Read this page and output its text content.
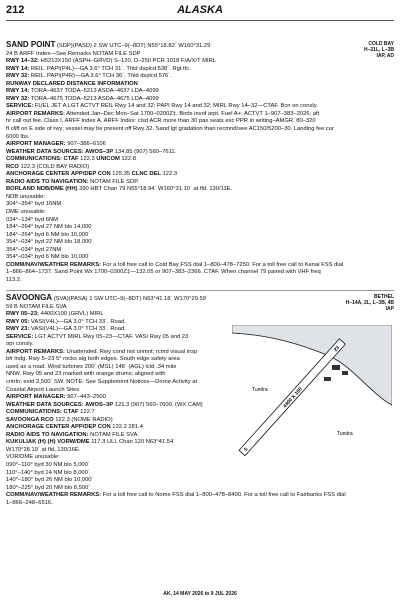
212	ALASKA
COLD BAY
H–21L, L–3B
IAP, AD
SAND POINT (SDP)(PASD) 2 SW UTC–9(–8DT) N55°18.82´ W160°31.29´
24 B ARFF Index—See Remarks NOTAM FILE SDP
RWY 14–32: H5213X150 (ASPH–GRVD) S–120, D–250 PCR 1018 F/A/X/T MIRL
RWY 14: REIL. PAPI(P4L)—GA 3.6° TCH 31´. Thld dsplcd 538´. Rgt tfc.
RWY 32: REIL. PAPI(P4R)—GA 3.6° TCH 36´. Thld dsplcd 576´.
RUNWAY DECLARED DISTANCE INFORMATION
RWY 14: TORA–4637 TODA–5213 ASDA–4637 LDA–4099
RWY 32: TORA–4675 TODA–5213 ASDA–4675 LDA–4099
SERVICE: FUEL JET A LGT ACTVT REIL Rwy 14 and 32; PAPI Rwy 14 and 32; MIRL Rwy 14–32—CTAF. Bcn on consly.
AIRPORT REMARKS: Attended Jan–Dec Mon–Sat 1700–0200Z‡. Birds invof arpt. Fuel A+: ACTVT 1–907–383–2026; aft
hr call out fee. Class I, ARFF Index A. ARFF Index: clsd ACR more than 30 pax seats exc PPR in writing–AMGR. 80–320
ft cliff on E side of rwy; vessel may be present off Rwy 32. Sand lgt gradation than recmnd/see AC150/5200–30. Landing fee cur
6000 lbs.
AIRPORT MANAGER: 907–386–6106
WEATHER DATA SOURCES: AWOS–3P 134.85 (907) 560–7611.
COMMUNICATIONS: CTAF 122.3 UNICOM 122.8
RCO 122.3 (COLD BAY RADIO)
ANCHORAGE CENTER APP/DEP CON 125.35 CLNC DEL 122.3
RADIO AIDS TO NAVIGATION: NOTAM FILE SDP.
BORLAND NDB/DME (HH) 390 HBT Chan 79 N55°18.94´ W160°31.10´ at fld. 130/11E.
NDB unusable:
304°–354° byd 16NM
DME unusable:
034°–134° byd 6NM
184°–264° byd 27 NM blo 14,000´
184°–264° byd 6 NM blo 10,000´
354°–034° byd 22 NM blo 18,000´
354°–034° byd 27NM
354°–034° byd 6 NM blo 10,000´
COMM/NAV/WEATHER REMARKS: For a toll free call to Cold Bay FSS dial 1–800–478–7250. For a toll free call to Kenai FSS dial
1–866–864–1737. Sand Point Wx 1700–0300Z‡—132.05 or 907–383–2366. CTAF. When channel 79 paired with VHF freq
113.2.
BETHEL
H–14A, 2L, L–3B, 4B
IAP
SAVOONGA (SVA)(PASA) 1 SW UTC–9(–8DT) N63°41.18´ W170°29.59´
59 B NOTAM FILE SVA
RWY 05–23: 4400X100 (GRVL) MIRL
RWY 05: VASI(V4L)—GA 3.0° TCH 33´. Road.
RWY 23: VASI(V4L)—GA 3.0° TCH 33´. Road.
SERVICE: LGT ACTVT MIRL Rwy 05–23—CTAF. VASI Rwy 05 and 23
opr consly.
AIRPORT REMARKS: Unattended. Rwy cond not unmnt; rcmd visual insp
bfr lndg. Rwy 5–23 5° rocks alg both edges. South edge safety area
used as a road. Wind turbines 200´ (MSL) 148´ (AGL) lctd .34 mile
NNW. Rwy 05 and 23 marked with orange drums; aligned with
cntrln; extd 2,500´ SW. NOTE: See Supplement Notices—Drone Activity at
Coastal Airport Launch Sites.
AIRPORT MANAGER: 907–443–2500
WEATHER DATA SOURCES: AWOS–3P 121.3 (907) 560–7600. (WX CAM)
COMMUNICATIONS: CTAF 122.7
SAVOONGA RCO 122.3 (NOME RADIO)
ANCHORAGE CENTER APP/DEP CON 132.2 281.4
RADIO AIDS TO NAVIGATION: NOTAM FILE SVA.
KUKULIAK (H) (H) VORW/DME 117.3 ULL Chan 120 N63°41.54´
W170°28.19´ at fld. 130/16E.
VOR/DME unusable:
090°–110° byd 30 NM blo 5,000´
110°–140° byd 14 NM blo 8,000´
140°–180° byd 26 NM blo 10,000´
180°–225° byd 20 NM blo 8,500´
COMM/NAV/WEATHER REMARKS: For a toll free call to Nome FSS dial 1–800–478–8400. For a toll free call to Fairbanks FSS dial
1–866–248–6516.
4400 X 100
5
23
Tundra
Tundra
AK, 14 MAY 2026 to 9 JUL 2026
